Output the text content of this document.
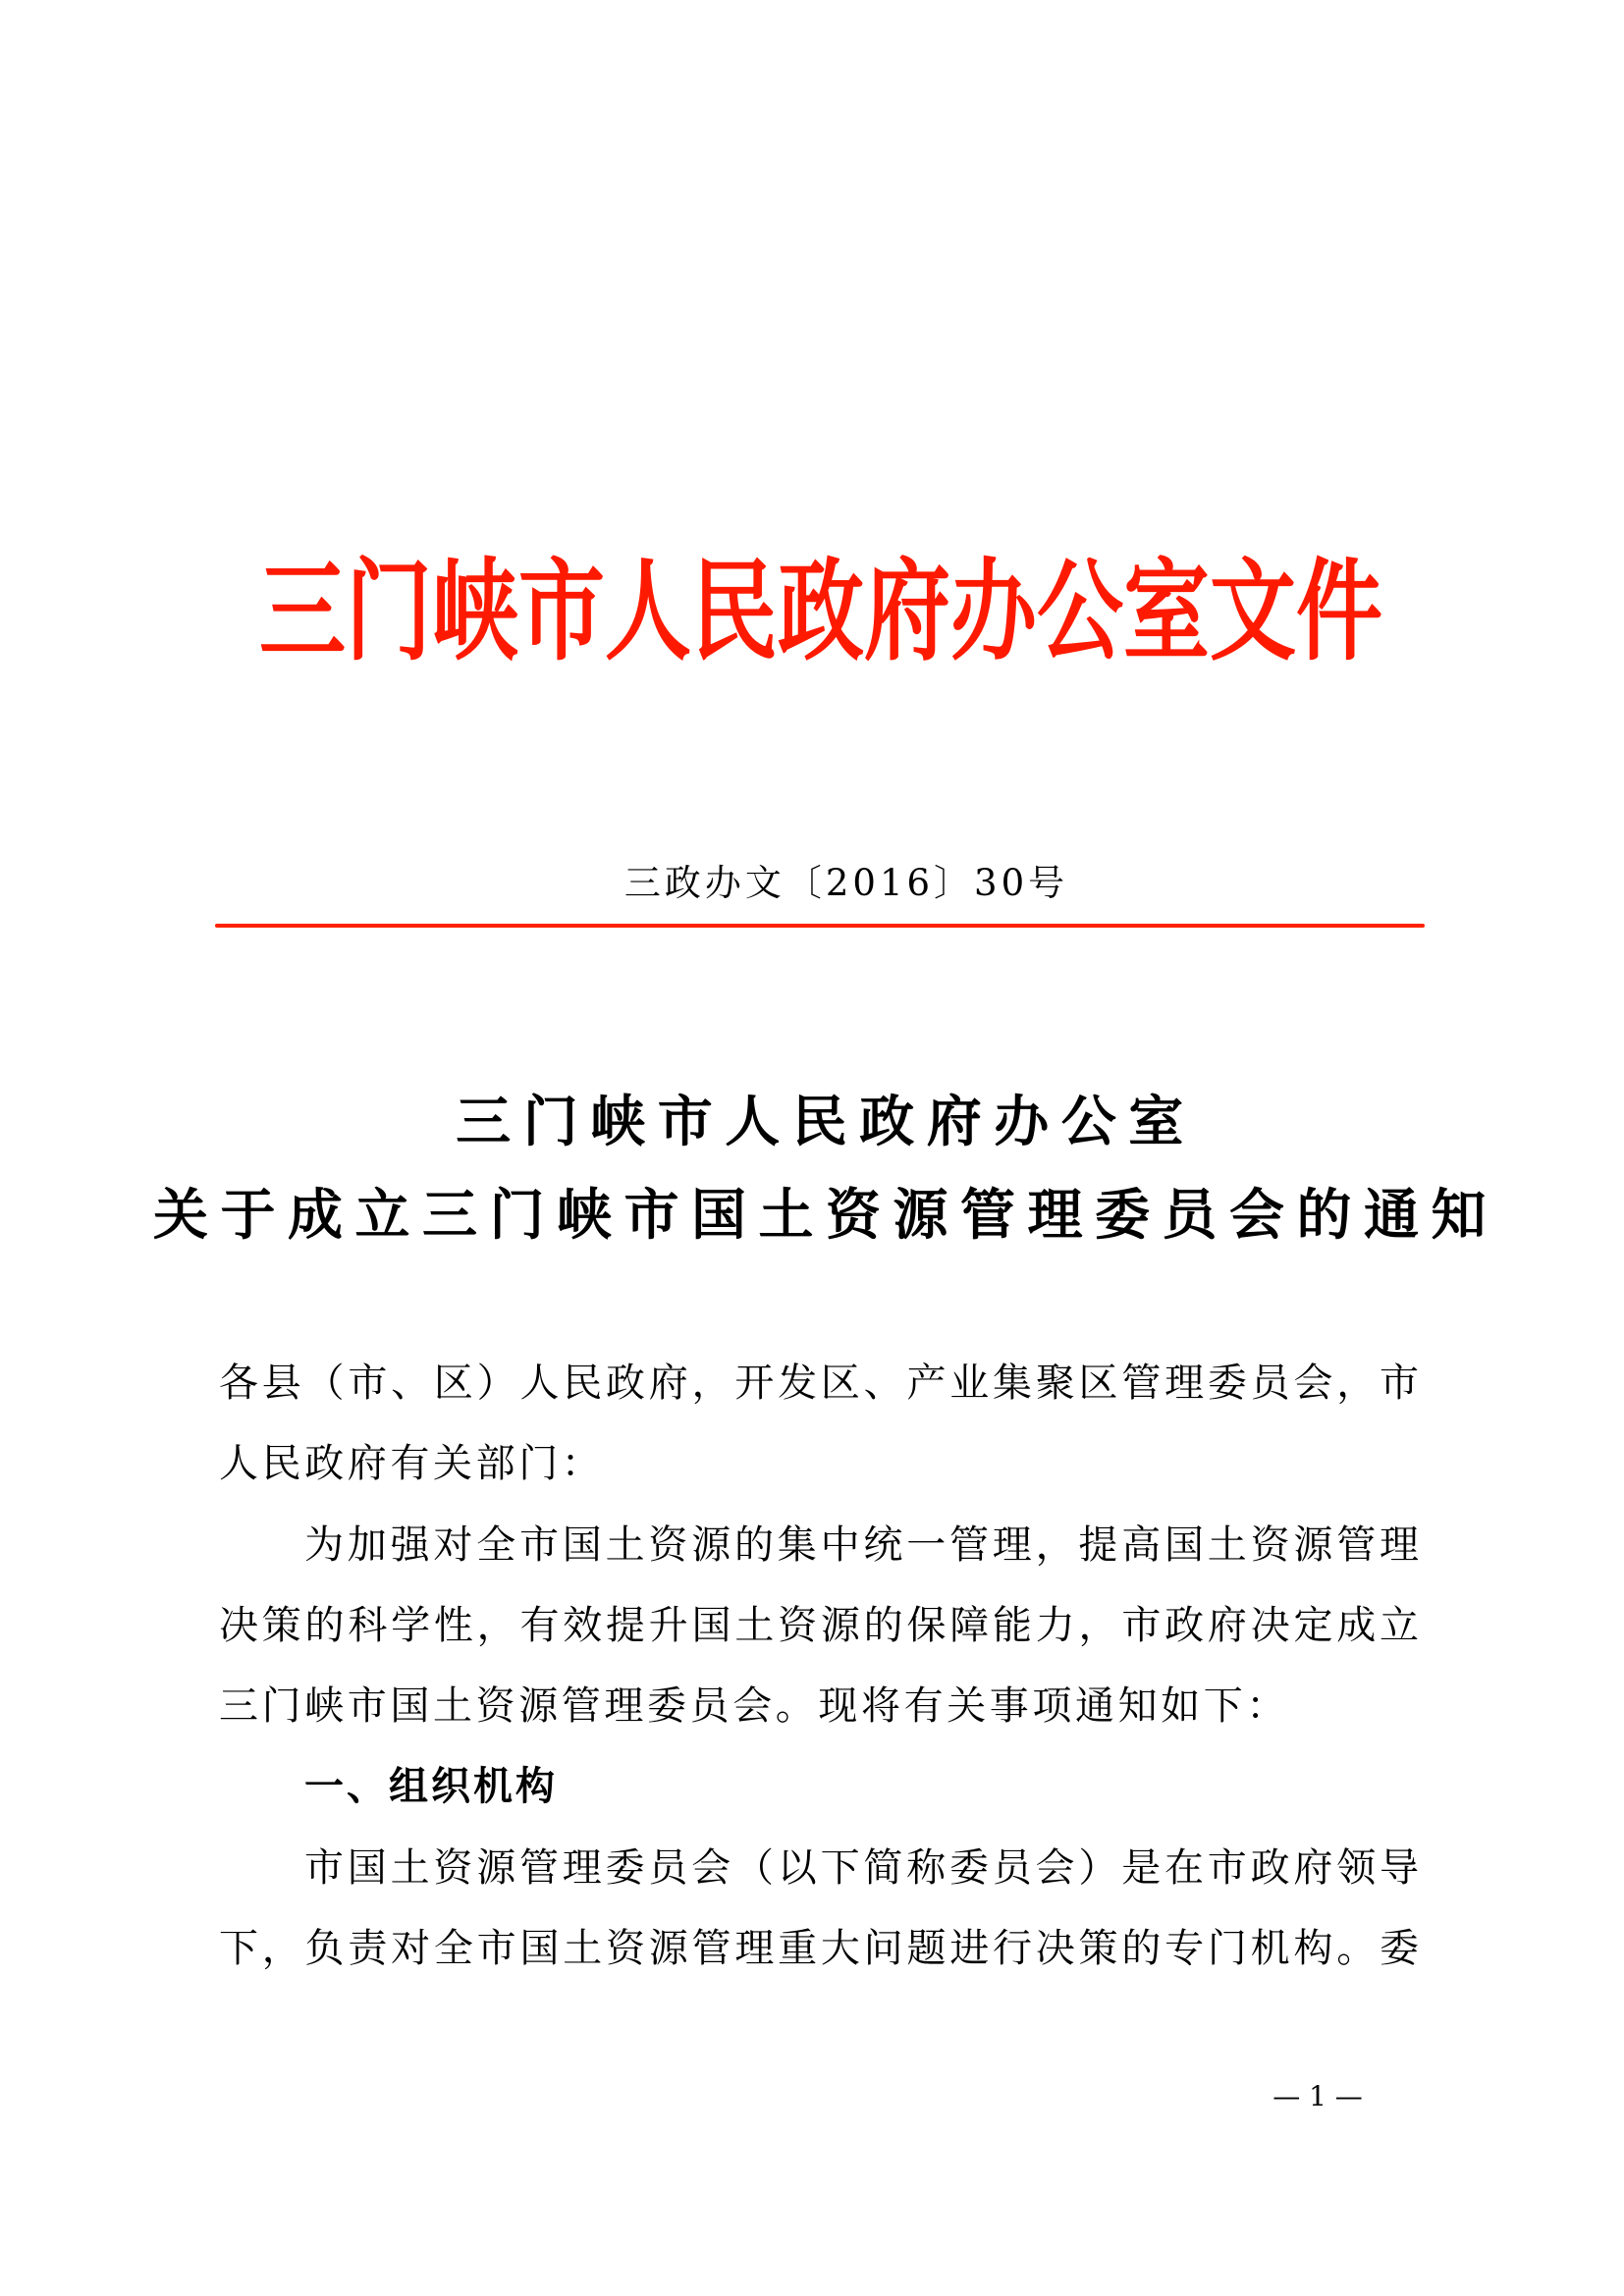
三门峡市人民政府办公室文件
三政办文〔2016〕30号
三门峡市人民政府办公室
关于成立三门峡市国土资源管理委员会的通知
各县（市、区）人民政府，开发区、产业集聚区管理委员会，市
人民政府有关部门：
为加强对全市国土资源的集中统一管理，提高国土资源管理
决策的科学性，有效提升国土资源的保障能力，市政府决定成立
三门峡市国土资源管理委员会。现将有关事项通知如下：
一、组织机构
市国土资源管理委员会（以下简称委员会）是在市政府领导
下，负责对全市国土资源管理重大问题进行决策的专门机构。委
— 1 —
